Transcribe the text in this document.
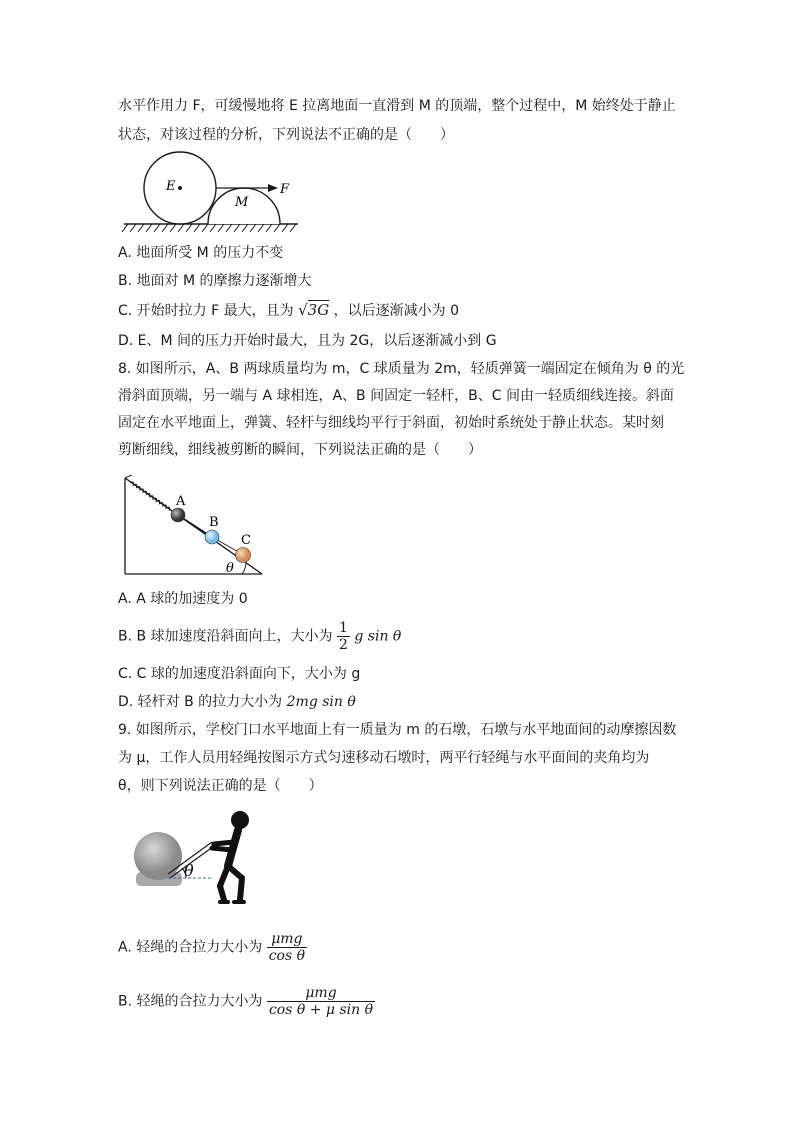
水平作用力 F，可缓慢地将 E 拉离地面一直滑到 M 的顶端，整个过程中，M 始终处于静止
状态，对该过程的分析，下列说法不正确的是（　　）
E
M
F
A. 地面所受 M 的压力不变
B. 地面对 M 的摩擦力逐渐增大
C. 开始时拉力 F 最大，且为 √3G ，以后逐渐减小为 0
D. E、M 间的压力开始时最大，且为 2G，以后逐渐减小到 G
8. 如图所示，A、B 两球质量均为 m，C 球质量为 2m，轻质弹簧一端固定在倾角为 θ 的光
滑斜面顶端，另一端与 A 球相连，A、B 间固定一轻杆，B、C 间由一轻质细线连接。斜面
固定在水平地面上，弹簧、轻杆与细线均平行于斜面，初始时系统处于静止状态。某时刻
剪断细线，细线被剪断的瞬间，下列说法正确的是（　　）
A
B
C
θ
A. A 球的加速度为 0
B. B 球加速度沿斜面向上，大小为 $\frac{1}{2}$ g sin θ
C. C 球的加速度沿斜面向下，大小为 g
D. 轻杆对 B 的拉力大小为 2mg sin θ
9. 如图所示，学校门口水平地面上有一质量为 m 的石墩，石墩与水平地面间的动摩擦因数
为 μ，工作人员用轻绳按图示方式匀速移动石墩时，两平行轻绳与水平面间的夹角均为
θ，则下列说法正确的是（　　）
θ
A. 轻绳的合拉力大小为 $\frac{\text{μmg}}{\text{cos θ}}$
B. 轻绳的合拉力大小为 $\frac{\text{μmg}}{\text{cos θ + μ sin θ}}$
